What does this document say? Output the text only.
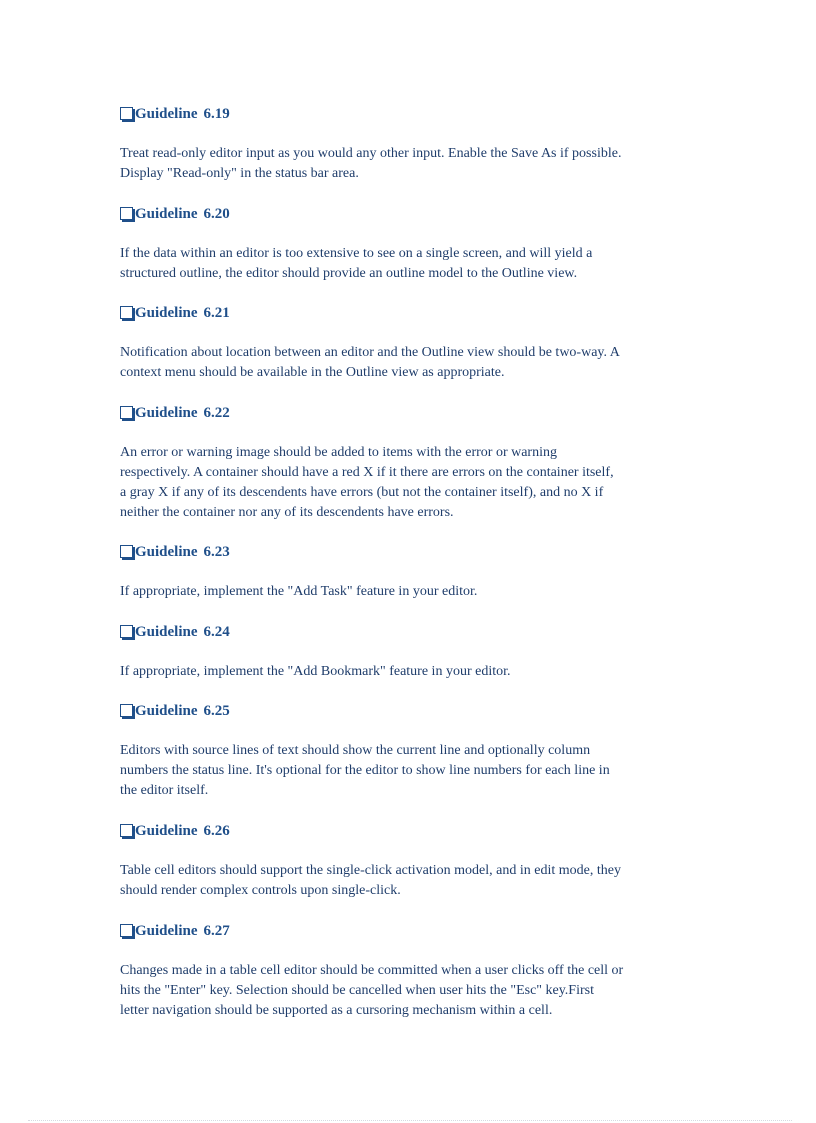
Guideline 6.19

Treat read-only editor input as you would any other input. Enable the Save As if possible.

Display "Read-only" in the status bar area.

Guideline 6.20

If the data within an editor is too extensive to see on a single screen, and will yield a

structured outline, the editor should provide an outline model to the Outline view.

Guideline 6.21

Notification about location between an editor and the Outline view should be two-way. A

context menu should be available in the Outline view as appropriate.

Guideline 6.22

An error or warning image should be added to items with the error or warning

respectively. A container should have a red X if it there are errors on the container itself,

a gray X if any of its descendents have errors (but not the container itself), and no X if

neither the container nor any of its descendents have errors.

Guideline 6.23

If appropriate, implement the "Add Task" feature in your editor.

Guideline 6.24

If appropriate, implement the "Add Bookmark" feature in your editor.

Guideline 6.25

Editors with source lines of text should show the current line and optionally column

numbers the status line. It's optional for the editor to show line numbers for each line in

the editor itself.

Guideline 6.26

Table cell editors should support the single-click activation model, and in edit mode, they

should render complex controls upon single-click.

Guideline 6.27

Changes made in a table cell editor should be committed when a user clicks off the cell or

hits the "Enter" key. Selection should be cancelled when user hits the "Esc" key.First

letter navigation should be supported as a cursoring mechanism within a cell.
